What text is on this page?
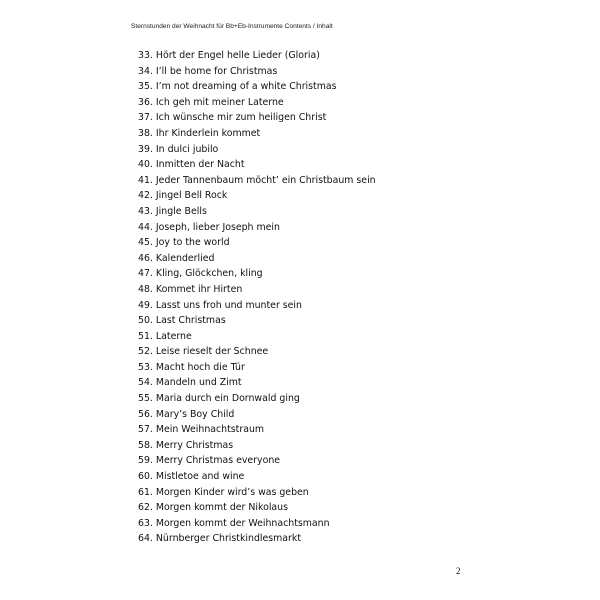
Sternstunden der Weihnacht für Bb+Eb-Instrumente Contents / Inhalt
33. Hört der Engel helle Lieder (Gloria)
34. I’ll be home for Christmas
35. I’m not dreaming of a white Christmas
36. Ich geh mit meiner Laterne
37. Ich wünsche mir zum heiligen Christ
38. Ihr Kinderlein kommet
39. In dulci jubilo
40. Inmitten der Nacht
41. Jeder Tannenbaum möcht’ ein Christbaum sein
42. Jingel Bell Rock
43. Jingle Bells
44. Joseph, lieber Joseph mein
45. Joy to the world
46. Kalenderlied
47. Kling, Glöckchen, kling
48. Kommet ihr Hirten
49. Lasst uns froh und munter sein
50. Last Christmas
51. Laterne
52. Leise rieselt der Schnee
53. Macht hoch die Tür
54. Mandeln und Zimt
55. Maria durch ein Dornwald ging
56. Mary’s Boy Child
57. Mein Weihnachtstraum
58. Merry Christmas
59. Merry Christmas everyone
60. Mistletoe and wine
61. Morgen Kinder wird’s was geben
62. Morgen kommt der Nikolaus
63. Morgen kommt der Weihnachtsmann
64. Nürnberger Christkindlesmarkt
2
